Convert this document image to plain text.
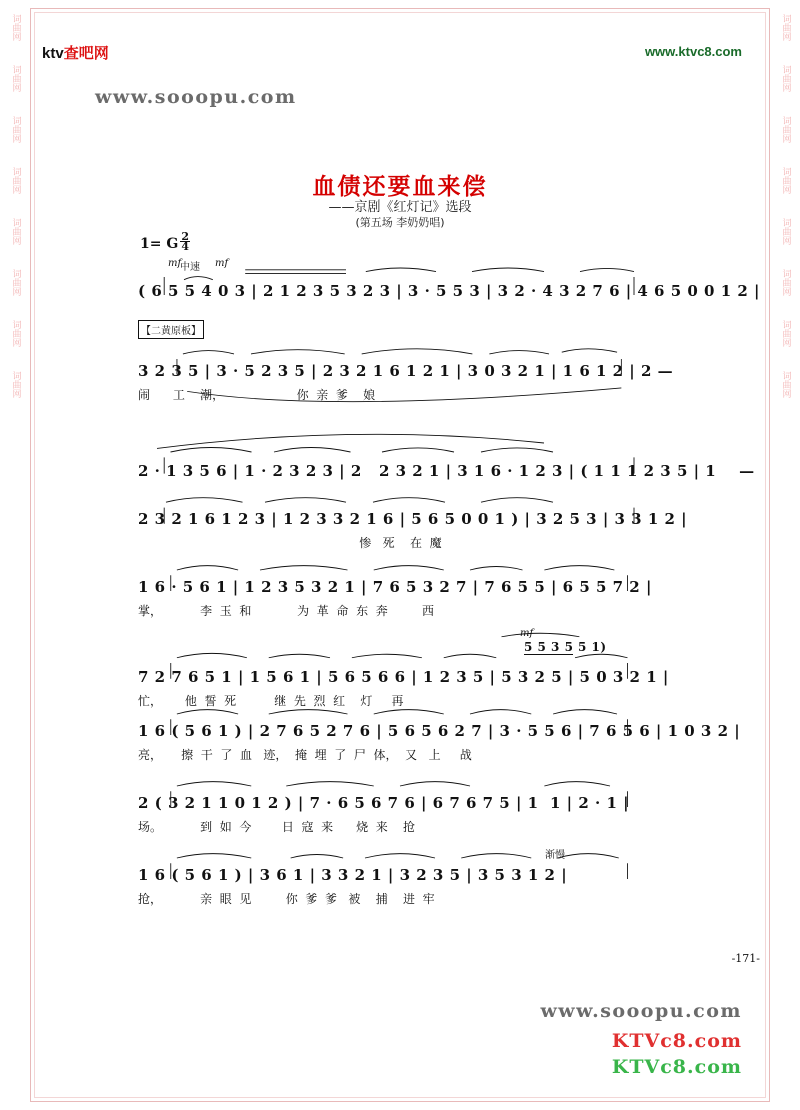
词曲网
词曲网
词曲网
词曲网
词曲网
词曲网
词曲网
词曲网
词曲网
词曲网
词曲网
词曲网
词曲网
词曲网
词曲网
词曲网
ktv查吧网	www.ktvc8.com
www.sooopu.com
血债还要血来偿
——京剧《红灯记》选段
(第五场 李奶奶唱)
1= G $\frac{2}{4}$
mf
中速 mf
( 6 5 5 4 0 3 | 2 1 2 3 5 3 2 3 | 3 · 5 5 3 | 3 2 · 4 3 2 7 6 | 4 6 5 0 0 1 2 |
【二黄原板】
3 2 3 5 | 3 · 5 2 3 5 | 2 3 2 1 6 1 2 1 | 3 0 3 2 1 | 1 6 1 2 | 2 —
闹      工    潮，                   你  亲  爹    娘
2 · 1 3 5 6 | 1 · 2 3 2 3 | 2   2 3 2 1 | 3 1 6 · 1 2 3 | ( 1 1 1 2 3 5 | 1    —
2 3 2 1 6 1 2 3 | 1 2 3 3 2 1 6 | 5 6 5 0 0 1 ) | 3 2 5 3 | 3 3 1 2 |
惨   死    在  魔
1 6 · 5 6 1 | 1 2 3 5 3 2 1 | 7 6 5 3 2 7 | 7 6 5 5 | 6 5 5 7 2 |
掌，          李  玉  和            为  革  命  东  奔         西
mf
5 5 3 5 5 1)
7 2 7 6 5 1 | 1 5 6 1 | 5 6 5 6 6 | 1 2 3 5 | 5 3 2 5 | 5 0 3 2 1 |
忙，      他  誓  死          继  先  烈  红    灯     再
1 6 ( 5 6 1 ) | 2 7 6 5 2 7 6 | 5 6 5 6 2 7 | 3 · 5 5 6 | 7 6 5 6 | 1 0 3 2 |
亮，     擦  干  了  血   迹，  掩  埋  了  尸  体，  又   上     战
2 ( 3 2 1 1 0 1 2 ) | 7 · 6 5 6 7 6 | 6 7 6 7 5 | 1  1 | 2 · 1 |
场。          到  如  今        日  寇  来      烧  来    抢
渐慢
1 6 ( 5 6 1 ) | 3 6 1 | 3 3 2 1 | 3 2 3 5 | 3 5 3 1 2 |
抢，          亲  眼  见         你  爹  爹   被    捕    进  牢
-171-
www.sooopu.com
KTVc8.com
KTVc8.com
